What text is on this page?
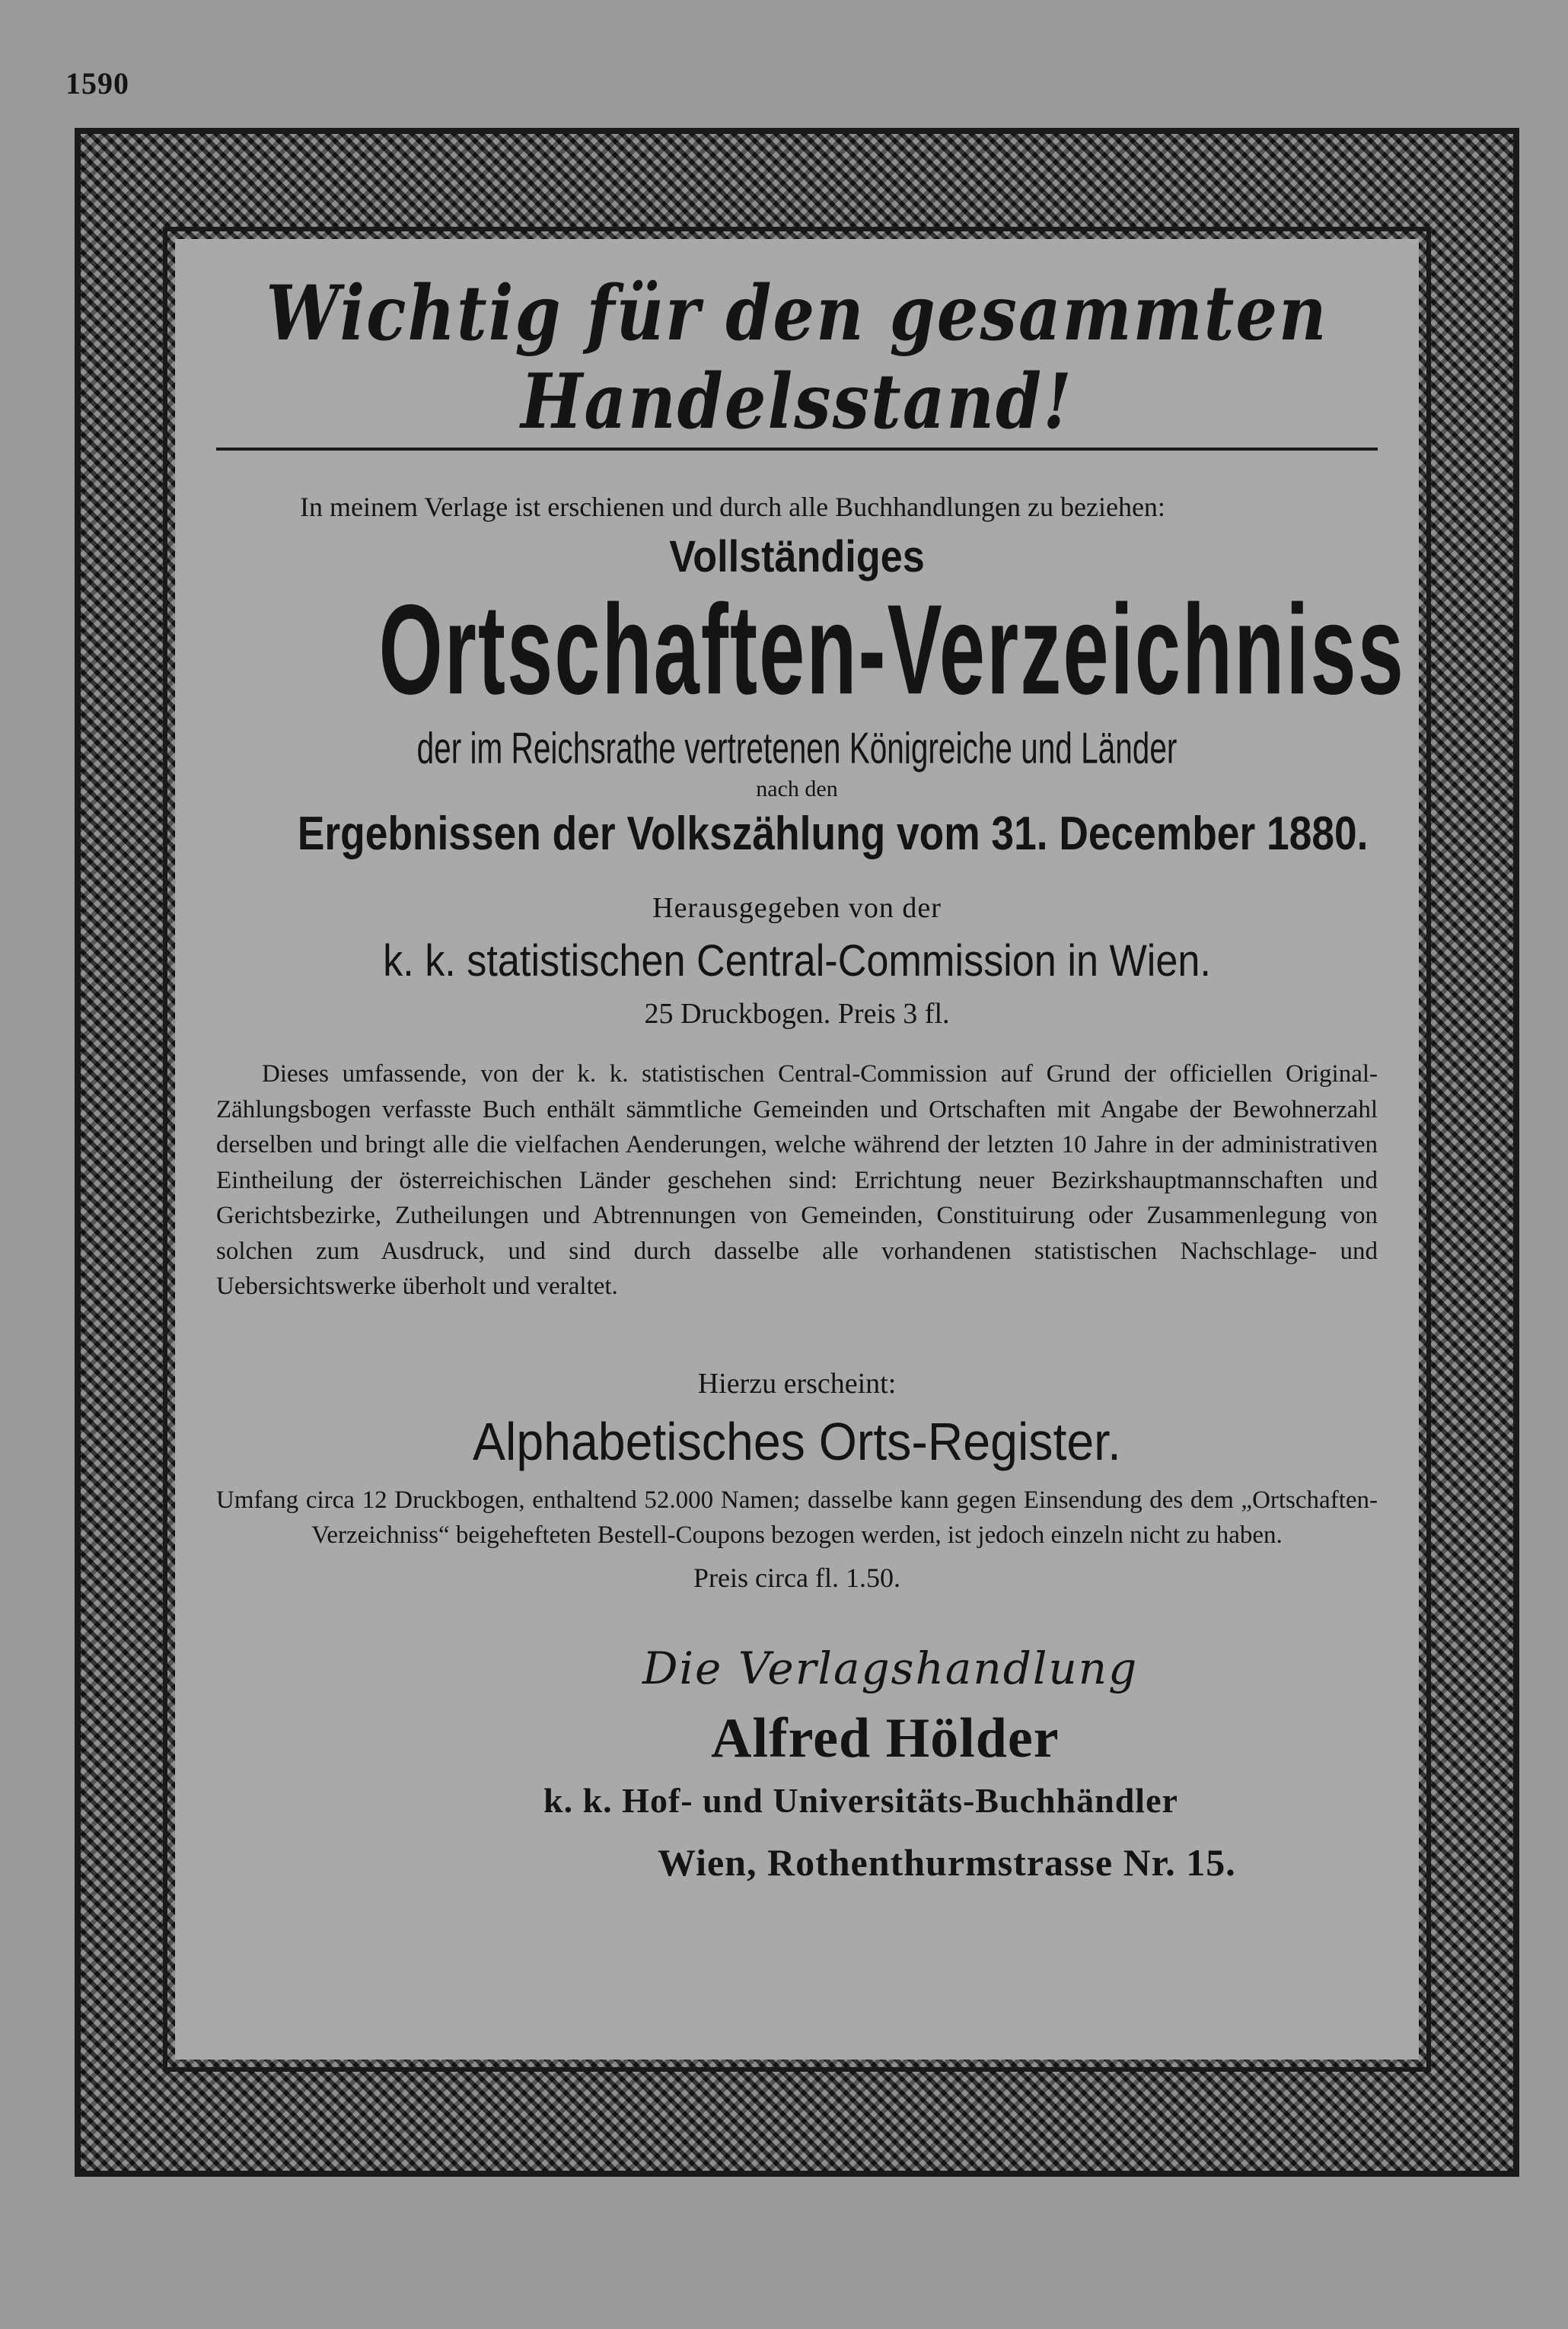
1590
Wichtig für den gesammten Handelsstand!

In meinem Verlage ist erschienen und durch alle Buchhandlungen zu beziehen:

Vollständiges

Ortschaften-Verzeichniss

der im Reichsrathe vertretenen Königreiche und Länder

nach den

Ergebnissen der Volkszählung vom 31. December 1880.

Herausgegeben von der

k. k. statistischen Central-Commission in Wien.

25 Druckbogen. Preis 3 fl.

Dieses umfassende, von der k. k. statistischen Central-Commission auf Grund der officiellen Original-Zählungsbogen verfasste Buch enthält sämmtliche Gemeinden und Ortschaften mit Angabe der Bewohnerzahl derselben und bringt alle die vielfachen Aenderungen, welche während der letzten 10 Jahre in der administrativen Eintheilung der österreichischen Länder geschehen sind: Errichtung neuer Bezirkshauptmannschaften und Gerichtsbezirke, Zutheilungen und Abtrennungen von Gemeinden, Constituirung oder Zusammenlegung von solchen zum Ausdruck, und sind durch dasselbe alle vorhandenen statistischen Nachschlage- und Uebersichtswerke überholt und veraltet.

Hierzu erscheint:

Alphabetisches Orts-Register.

Umfang circa 12 Druckbogen, enthaltend 52.000 Namen; dasselbe kann gegen Einsendung des dem „Ortschaften-Verzeichniss“ beigehefteten Bestell-Coupons bezogen werden, ist jedoch einzeln nicht zu haben.

Preis circa fl. 1.50.

Die Verlagshandlung

Alfred Hölder

k. k. Hof- und Universitäts-Buchhändler

Wien, Rothenthurmstrasse Nr. 15.
